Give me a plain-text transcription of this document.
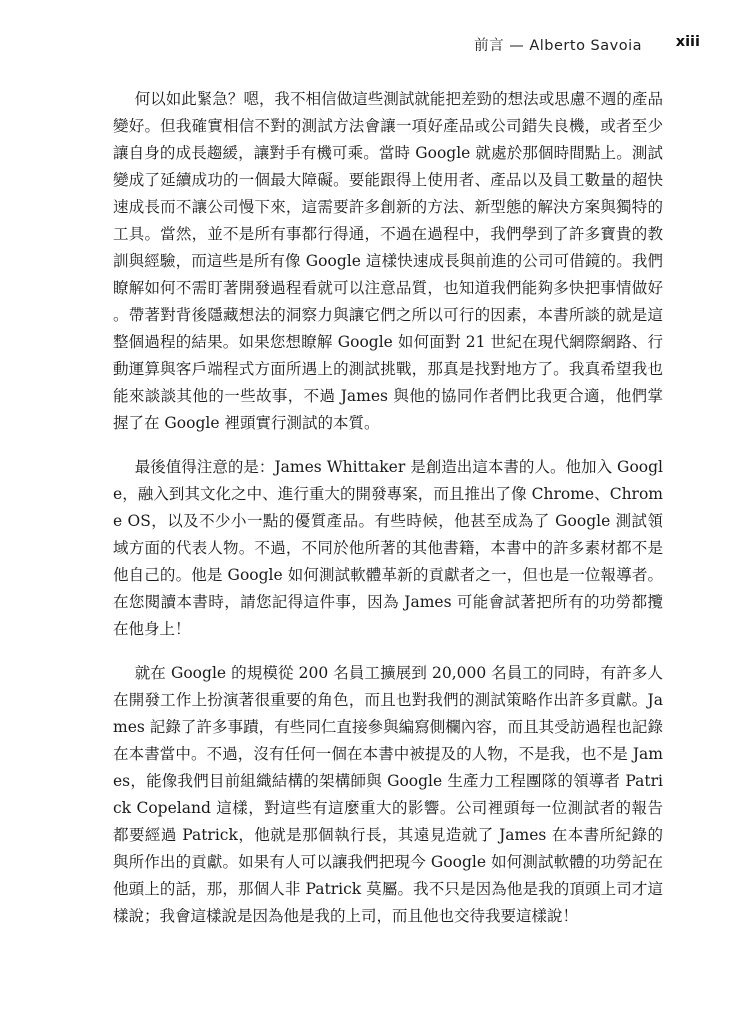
前言 — Alberto Savoia xiii

何以如此緊急？嗯，我不相信做這些測試就能把差勁的想法或思慮不週的產品變好。但我確實相信不對的測試方法會讓一項好產品或公司錯失良機，或者至少讓自身的成長趨緩，讓對手有機可乘。當時 Google 就處於那個時間點上。測試變成了延續成功的一個最大障礙。要能跟得上使用者、產品以及員工數量的超快速成長而不讓公司慢下來，這需要許多創新的方法、新型態的解決方案與獨特的工具。當然，並不是所有事都行得通，不過在過程中，我們學到了許多寶貴的教訓與經驗，而這些是所有像 Google 這樣快速成長與前進的公司可借鏡的。我們瞭解如何不需盯著開發過程看就可以注意品質，也知道我們能夠多快把事情做好。帶著對背後隱藏想法的洞察力與讓它們之所以可行的因素，本書所談的就是這整個過程的結果。如果您想瞭解 Google 如何面對 21 世紀在現代網際網路、行動運算與客戶端程式方面所遇上的測試挑戰，那真是找對地方了。我真希望我也能來談談其他的一些故事，不過 James 與他的協同作者們比我更合適，他們掌握了在 Google 裡頭實行測試的本質。

最後值得注意的是：James Whittaker 是創造出這本書的人。他加入 Google，融入到其文化之中、進行重大的開發專案，而且推出了像 Chrome、Chrome OS，以及不少小一點的優質產品。有些時候，他甚至成為了 Google 測試領域方面的代表人物。不過，不同於他所著的其他書籍，本書中的許多素材都不是他自己的。他是 Google 如何測試軟體革新的貢獻者之一，但也是一位報導者。在您閱讀本書時，請您記得這件事，因為 James 可能會試著把所有的功勞都攬在他身上！

就在 Google 的規模從 200 名員工擴展到 20,000 名員工的同時，有許多人在開發工作上扮演著很重要的角色，而且也對我們的測試策略作出許多貢獻。James 記錄了許多事蹟，有些同仁直接參與編寫側欄內容，而且其受訪過程也記錄在本書當中。不過，沒有任何一個在本書中被提及的人物，不是我，也不是 James，能像我們目前組織結構的架構師與 Google 生產力工程團隊的領導者 Patrick Copeland 這樣，對這些有這麼重大的影響。公司裡頭每一位測試者的報告都要經過 Patrick，他就是那個執行長，其遠見造就了 James 在本書所紀錄的與所作出的貢獻。如果有人可以讓我們把現今 Google 如何測試軟體的功勞記在他頭上的話，那，那個人非 Patrick 莫屬。我不只是因為他是我的頂頭上司才這樣說；我會這樣說是因為他是我的上司，而且他也交待我要這樣說！
